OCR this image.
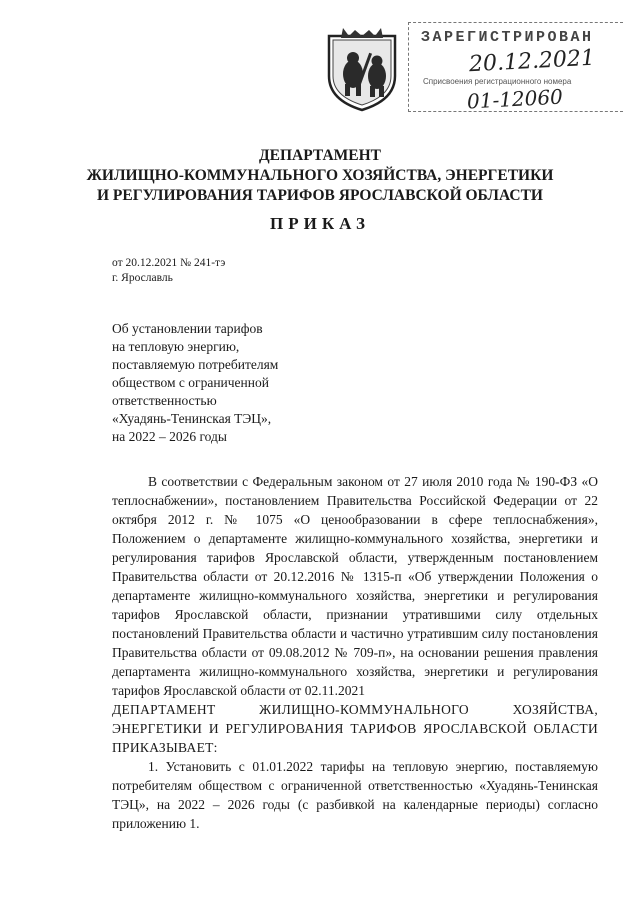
ЗАРЕГИСТРИРОВАН
20.12.2021
Сприсвоения регистрационного номера
01-12060
ДЕПАРТАМЕНТ
ЖИЛИЩНО-КОММУНАЛЬНОГО ХОЗЯЙСТВА, ЭНЕРГЕТИКИ
И РЕГУЛИРОВАНИЯ ТАРИФОВ ЯРОСЛАВСКОЙ ОБЛАСТИ
ПРИКАЗ
от 20.12.2021 № 241-тэ
г. Ярославль
Об установлении тарифов
на тепловую энергию,
поставляемую потребителям
обществом с ограниченной
ответственностью
«Хуадянь-Тенинская ТЭЦ»,
на 2022 – 2026 годы

В соответствии с Федеральным законом от 27 июля 2010 года № 190-ФЗ «О теплоснабжении», постановлением Правительства Российской Федерации от 22 октября 2012 г. № 1075 «О ценообразовании в сфере теплоснабжения», Положением о департаменте жилищно-коммунального хозяйства, энергетики и регулирования тарифов Ярославской области, утвержденным постановлением Правительства области от 20.12.2016 № 1315-п «Об утверждении Положения о департаменте жилищно-коммунального хозяйства, энергетики и регулирования тарифов Ярославской области, признании утратившими силу отдельных постановлений Правительства области и частично утратившим силу постановления Правительства области от 09.08.2012 № 709-п», на основании решения правления департамента жилищно-коммунального хозяйства, энергетики и регулирования тарифов Ярославской области от 02.11.2021

ДЕПАРТАМЕНТ ЖИЛИЩНО-КОММУНАЛЬНОГО ХОЗЯЙСТВА, ЭНЕРГЕТИКИ И РЕГУЛИРОВАНИЯ ТАРИФОВ ЯРОСЛАВСКОЙ ОБЛАСТИ ПРИКАЗЫВАЕТ:

1. Установить с 01.01.2022 тарифы на тепловую энергию, поставляемую потребителям обществом с ограниченной ответственностью «Хуадянь-Тенинская ТЭЦ», на 2022 – 2026 годы (с разбивкой на календарные периоды) согласно приложению 1.
